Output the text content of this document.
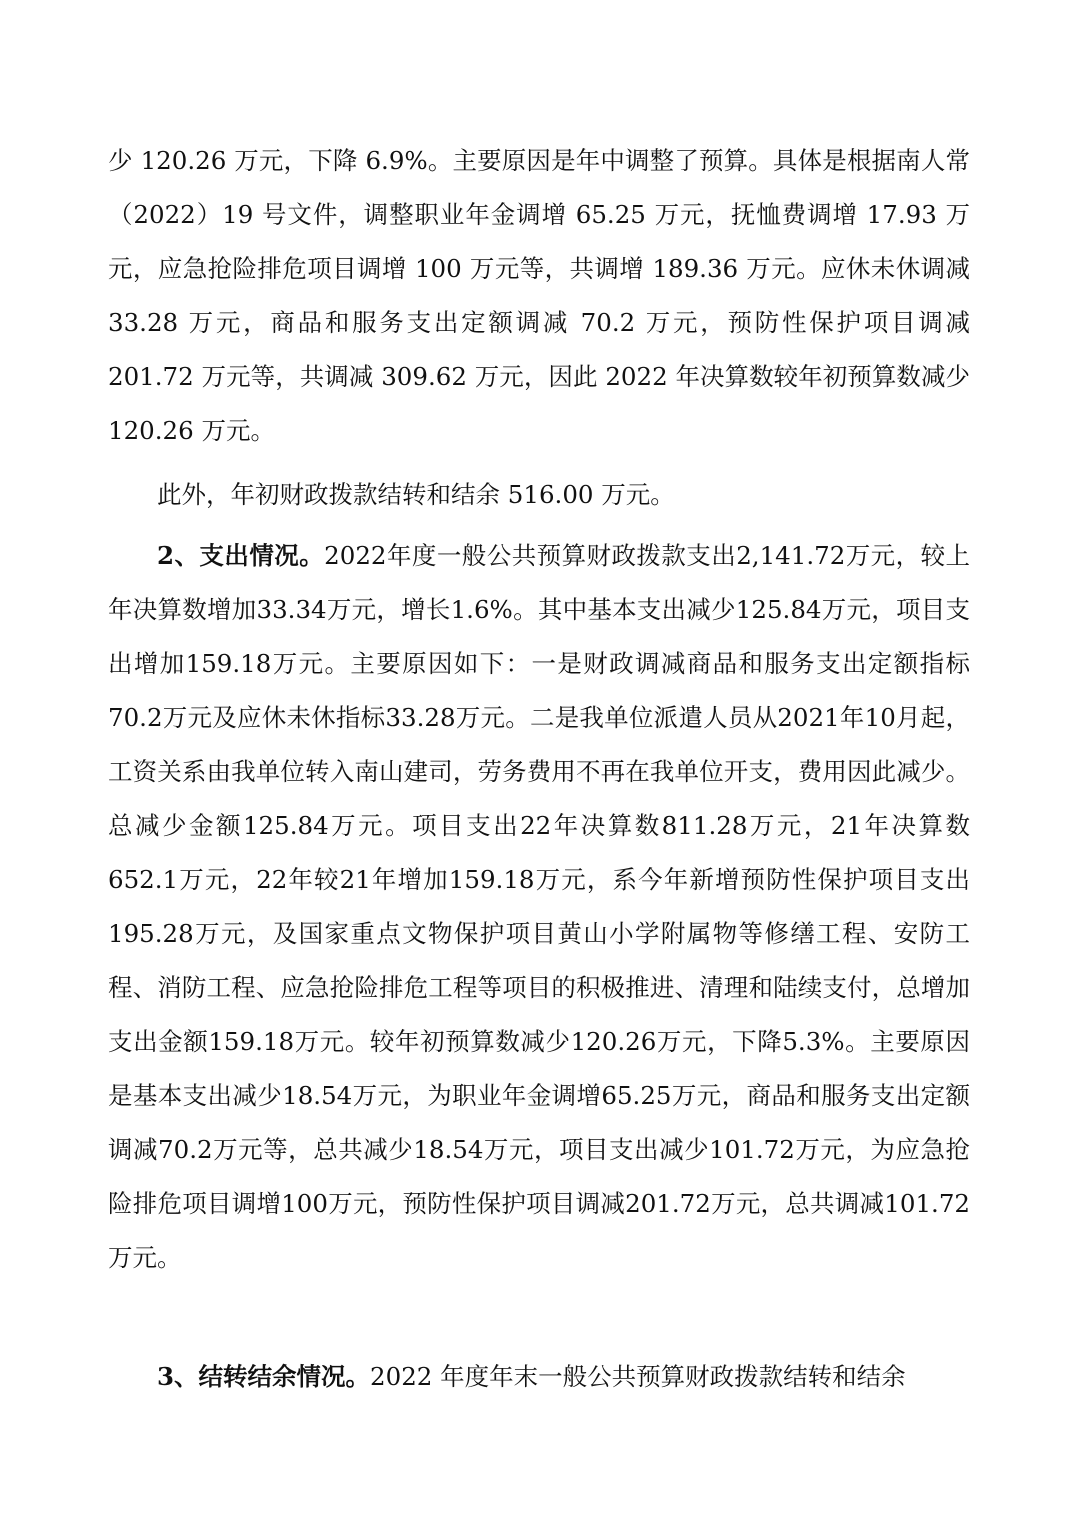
少 120.26 万元，下降 6.9%。主要原因是年中调整了预算。具体是根据南人常（2022）19 号文件，调整职业年金调增 65.25 万元，抚恤费调增 17.93 万元，应急抢险排危项目调增 100 万元等，共调增 189.36 万元。应休未休调减 33.28 万元，商品和服务支出定额调减 70.2 万元，预防性保护项目调减 201.72 万元等，共调减 309.62 万元，因此 2022 年决算数较年初预算数减少 120.26 万元。

此外，年初财政拨款结转和结余 516.00 万元。

2、支出情况。2022年度一般公共预算财政拨款支出2,141.72万元，较上年决算数增加33.34万元，增长1.6%。其中基本支出减少125.84万元，项目支出增加159.18万元。主要原因如下：一是财政调减商品和服务支出定额指标70.2万元及应休未休指标33.28万元。二是我单位派遣人员从2021年10月起，工资关系由我单位转入南山建司，劳务费用不再在我单位开支，费用因此减少。总减少金额125.84万元。项目支出22年决算数811.28万元，21年决算数652.1万元，22年较21年增加159.18万元，系今年新增预防性保护项目支出195.28万元，及国家重点文物保护项目黄山小学附属物等修缮工程、安防工程、消防工程、应急抢险排危工程等项目的积极推进、清理和陆续支付，总增加支出金额159.18万元。较年初预算数减少120.26万元，下降5.3%。主要原因是基本支出减少18.54万元，为职业年金调增65.25万元，商品和服务支出定额调减70.2万元等，总共减少18.54万元，项目支出减少101.72万元，为应急抢险排危项目调增100万元，预防性保护项目调减201.72万元，总共调减101.72万元。

3、结转结余情况。2022 年度年末一般公共预算财政拨款结转和结余
